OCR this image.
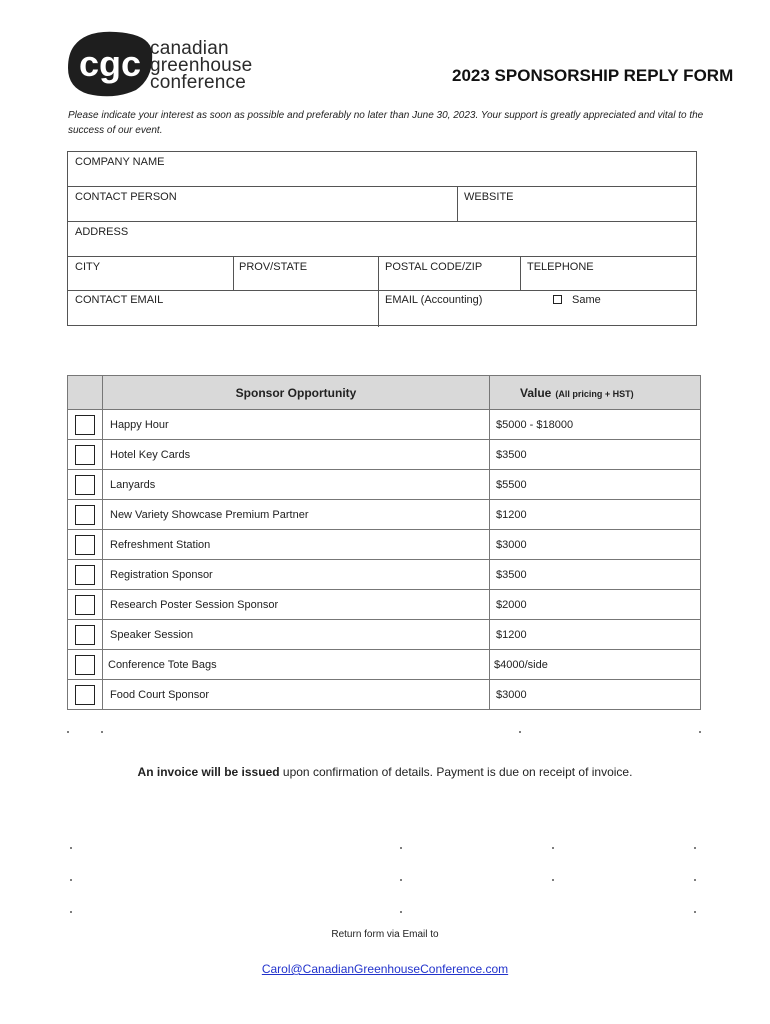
cgc canadian
greenhouse
conference	2023 SPONSORSHIP REPLY FORM
Please indicate your interest as soon as possible and preferably no later than June 30, 2023. Your support is greatly appreciated and vital to the success of our event.
COMPANY NAME
CONTACT PERSON	WEBSITE
ADDRESS
CITY	PROV/STATE	POSTAL CODE/ZIP	TELEPHONE
CONTACT EMAIL	EMAIL (Accounting)	Same
	Sponsor Opportunity	Value (All pricing + HST)
	Happy Hour	$5000 - $18000
	Hotel Key Cards	$3500
	Lanyards	$5500
	New Variety Showcase Premium Partner	$1200
	Refreshment Station	$3000
	Registration Sponsor	$3500
	Research Poster Session Sponsor	$2000
	Speaker Session	$1200
	Conference Tote Bags	$4000/side
	Food Court Sponsor	$3000
An invoice will be issued upon confirmation of details. Payment is due on receipt of invoice.
Return form via Email to
Carol@CanadianGreenhouseConference.com
